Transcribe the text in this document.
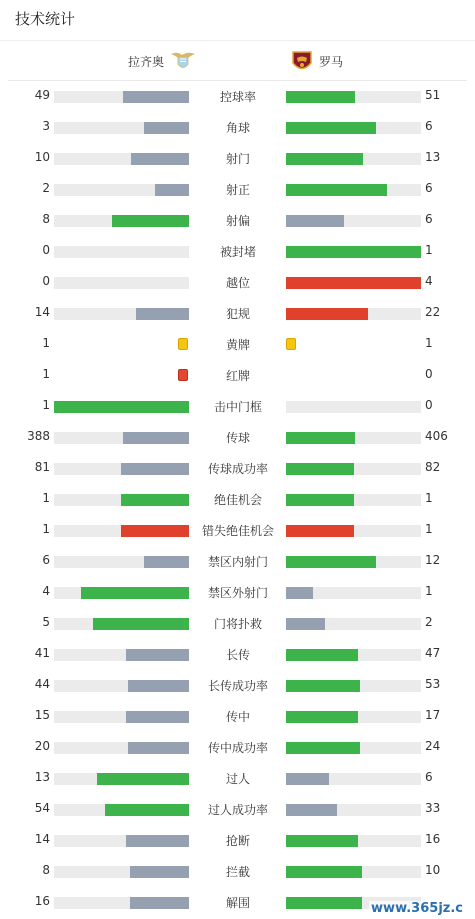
技术统计
拉齐奥	罗马
49	控球率	51
3	角球	6
10	射门	13
2	射正	6
8	射偏	6
0	被封堵	1
0	越位	4
14	犯规	22
1	黄牌	1
1	红牌	0
1	击中门框	0
388	传球	406
81	传球成功率	82
1	绝佳机会	1
1	错失绝佳机会	1
6	禁区内射门	12
4	禁区外射门	1
5	门将扑救	2
41	长传	47
44	长传成功率	53
15	传中	17
20	传中成功率	24
13	过人	6
54	过人成功率	33
14	抢断	16
8	拦截	10
16	解围	www.365jz.c
